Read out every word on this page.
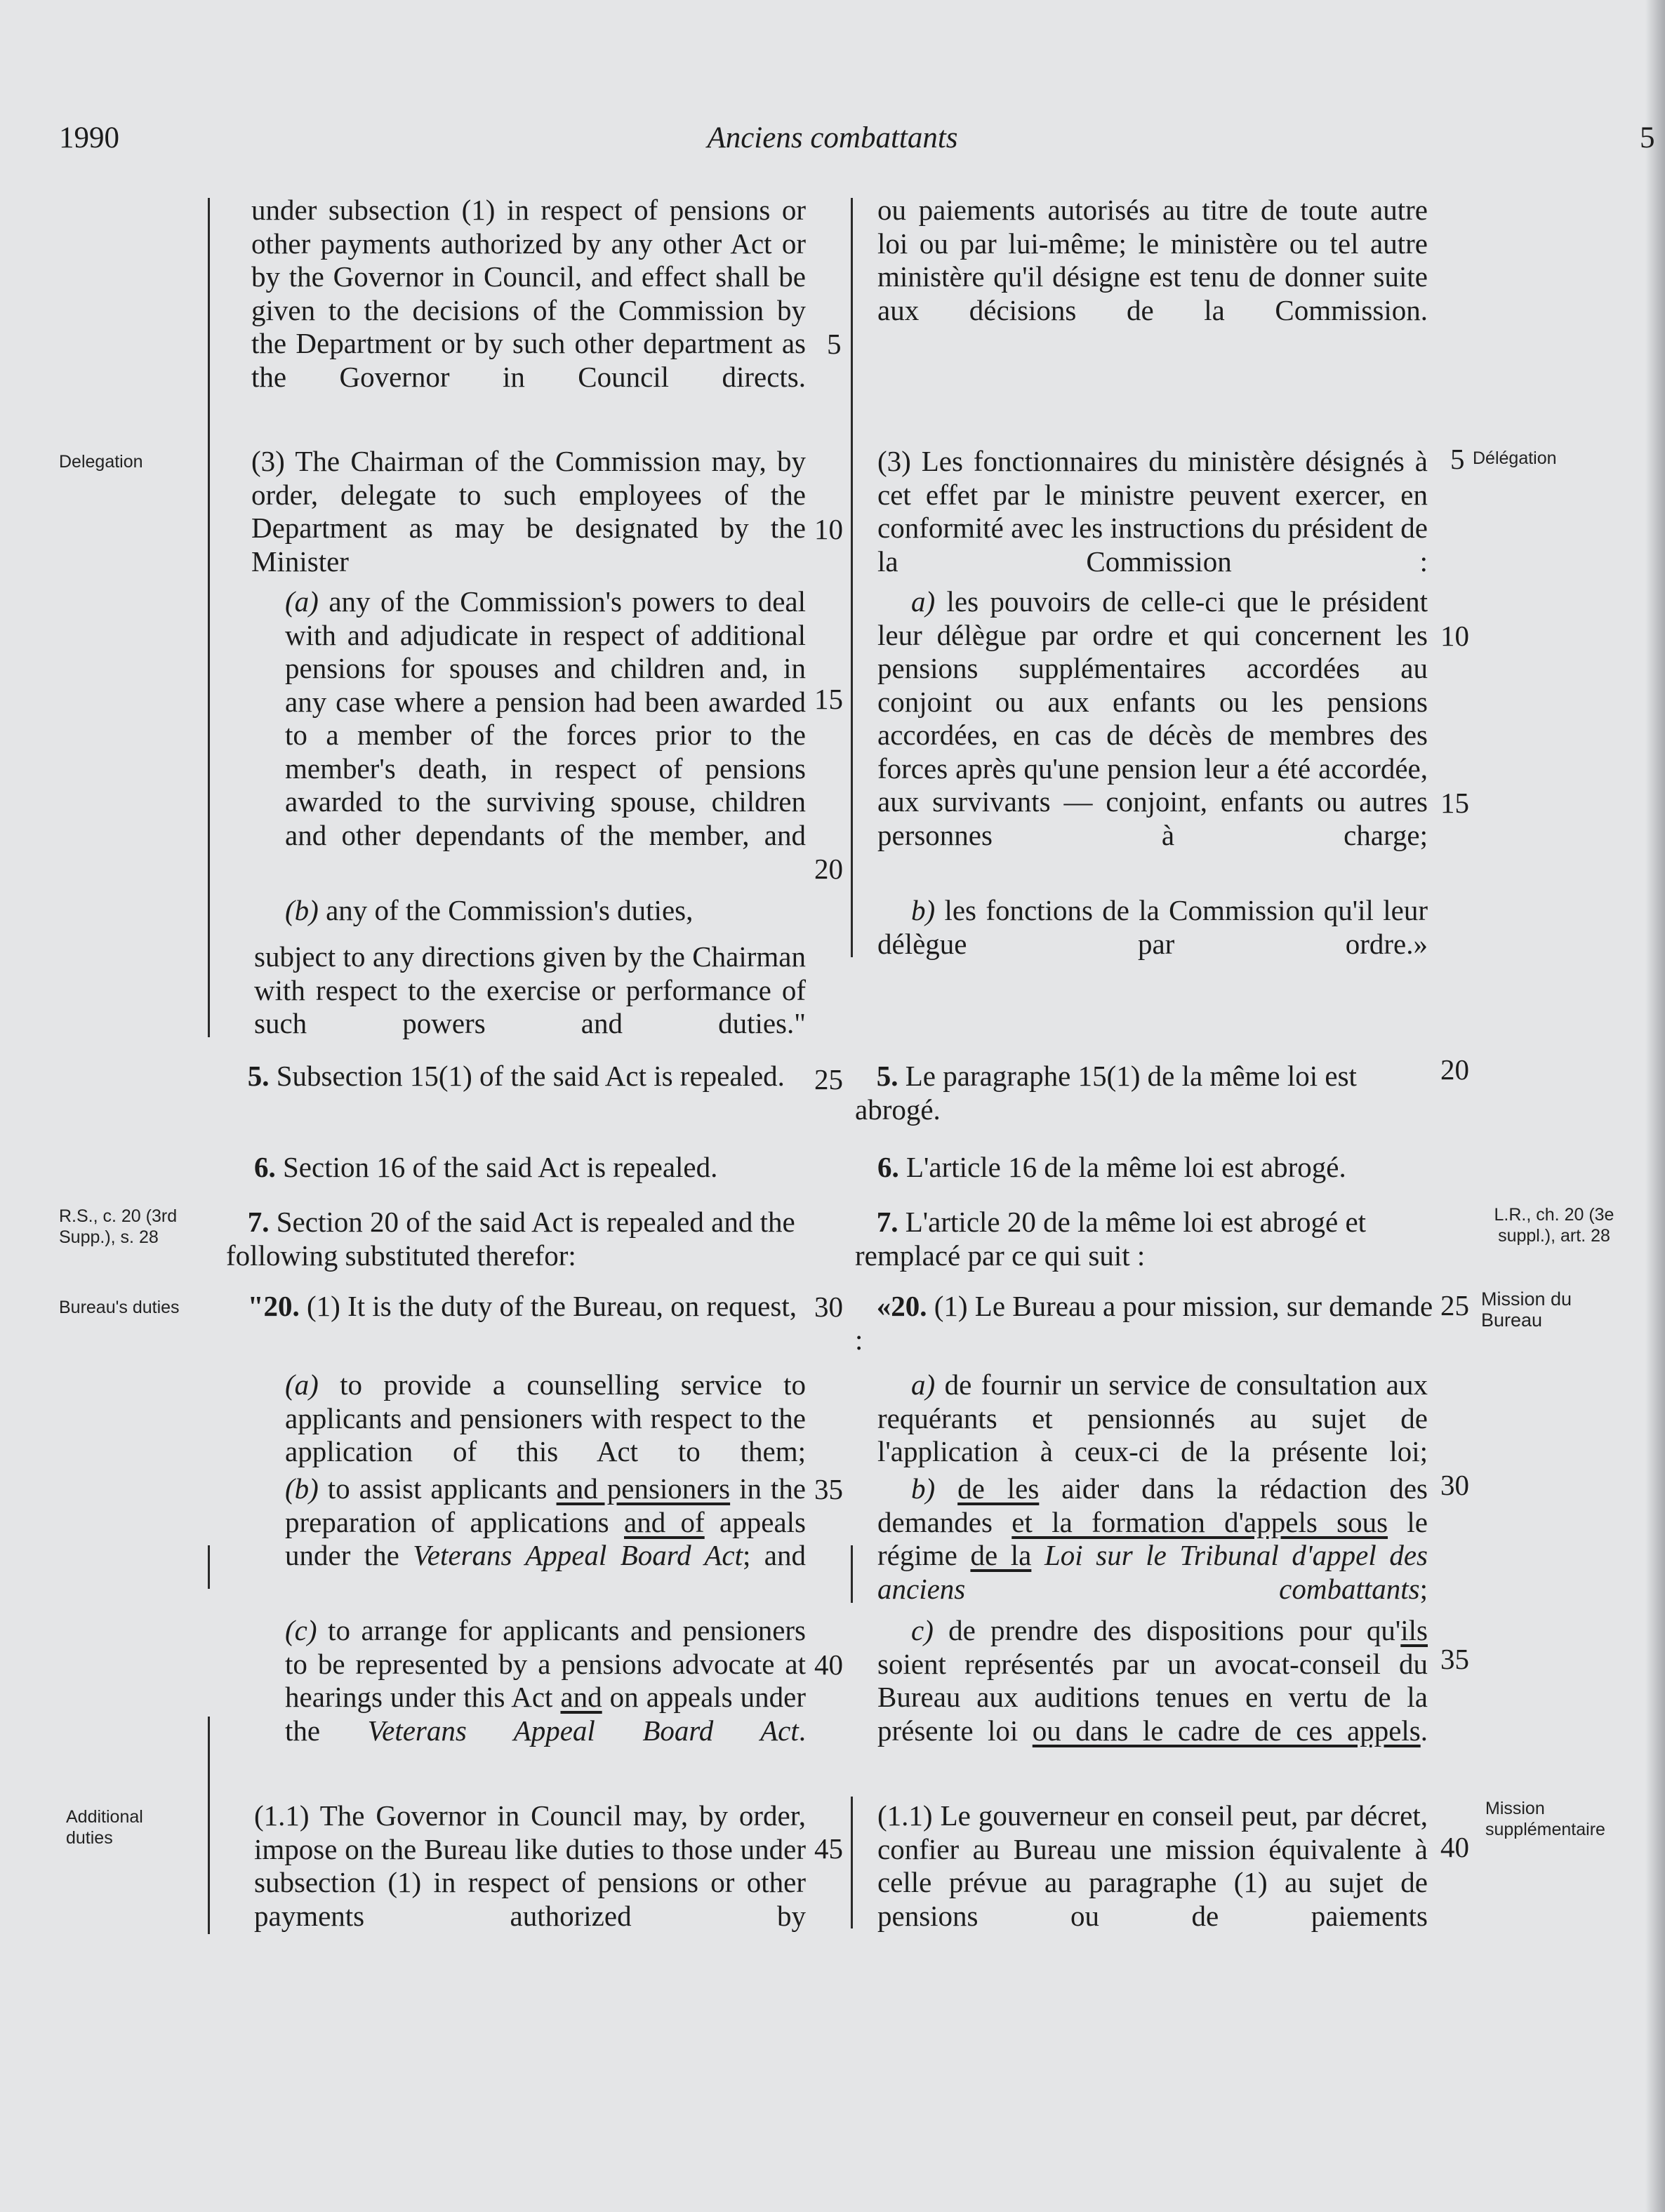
1990	Anciens combattants	5
Delegation
R.S., c. 20 (3rd Supp.), s. 28
Bureau's duties
Additional duties
Délégation
L.R., ch. 20 (3e suppl.), art. 28
Mission du Bureau
Mission supplémentaire
5
10
15
20
25
30
35
40
45
5
10
15
20
25
30
35
40
under subsection (1) in respect of pensions or other payments authorized by any other Act or by the Governor in Council, and effect shall be given to the decisions of the Commission by the Department or by such other department as the Governor in Council directs.
(3) The Chairman of the Commission may, by order, delegate to such employees of the Department as may be designated by the Minister
(a) any of the Commission's powers to deal with and adjudicate in respect of additional pensions for spouses and children and, in any case where a pension had been awarded to a member of the forces prior to the member's death, in respect of pensions awarded to the surviving spouse, children and other dependants of the member, and
(b) any of the Commission's duties,
subject to any directions given by the Chairman with respect to the exercise or performance of such powers and duties."
5. Subsection 15(1) of the said Act is repealed.
6. Section 16 of the said Act is repealed.
7. Section 20 of the said Act is repealed and the following substituted therefor:
"20. (1) It is the duty of the Bureau, on request,
(a) to provide a counselling service to applicants and pensioners with respect to the application of this Act to them;
(b) to assist applicants and pensioners in the preparation of applications and of appeals under the Veterans Appeal Board Act; and
(c) to arrange for applicants and pensioners to be represented by a pensions advocate at hearings under this Act and on appeals under the Veterans Appeal Board Act.
(1.1) The Governor in Council may, by order, impose on the Bureau like duties to those under subsection (1) in respect of pensions or other payments authorized by
ou paiements autorisés au titre de toute autre loi ou par lui-même; le ministère ou tel autre ministère qu'il désigne est tenu de donner suite aux décisions de la Commission.
(3) Les fonctionnaires du ministère désignés à cet effet par le ministre peuvent exercer, en conformité avec les instructions du président de la Commission :
a) les pouvoirs de celle-ci que le président leur délègue par ordre et qui concernent les pensions supplémentaires accordées au conjoint ou aux enfants ou les pensions accordées, en cas de décès de membres des forces après qu'une pension leur a été accordée, aux survivants — conjoint, enfants ou autres personnes à charge;
b) les fonctions de la Commission qu'il leur délègue par ordre.»
5. Le paragraphe 15(1) de la même loi est abrogé.
6. L'article 16 de la même loi est abrogé.
7. L'article 20 de la même loi est abrogé et remplacé par ce qui suit :
«20. (1) Le Bureau a pour mission, sur demande :
a) de fournir un service de consultation aux requérants et pensionnés au sujet de l'application à ceux-ci de la présente loi;
b) de les aider dans la rédaction des demandes et la formation d'appels sous le régime de la Loi sur le Tribunal d'appel des anciens combattants;
c) de prendre des dispositions pour qu'ils soient représentés par un avocat-conseil du Bureau aux auditions tenues en vertu de la présente loi ou dans le cadre de ces appels.
(1.1) Le gouverneur en conseil peut, par décret, confier au Bureau une mission équivalente à celle prévue au paragraphe (1) au sujet de pensions ou de paiements
